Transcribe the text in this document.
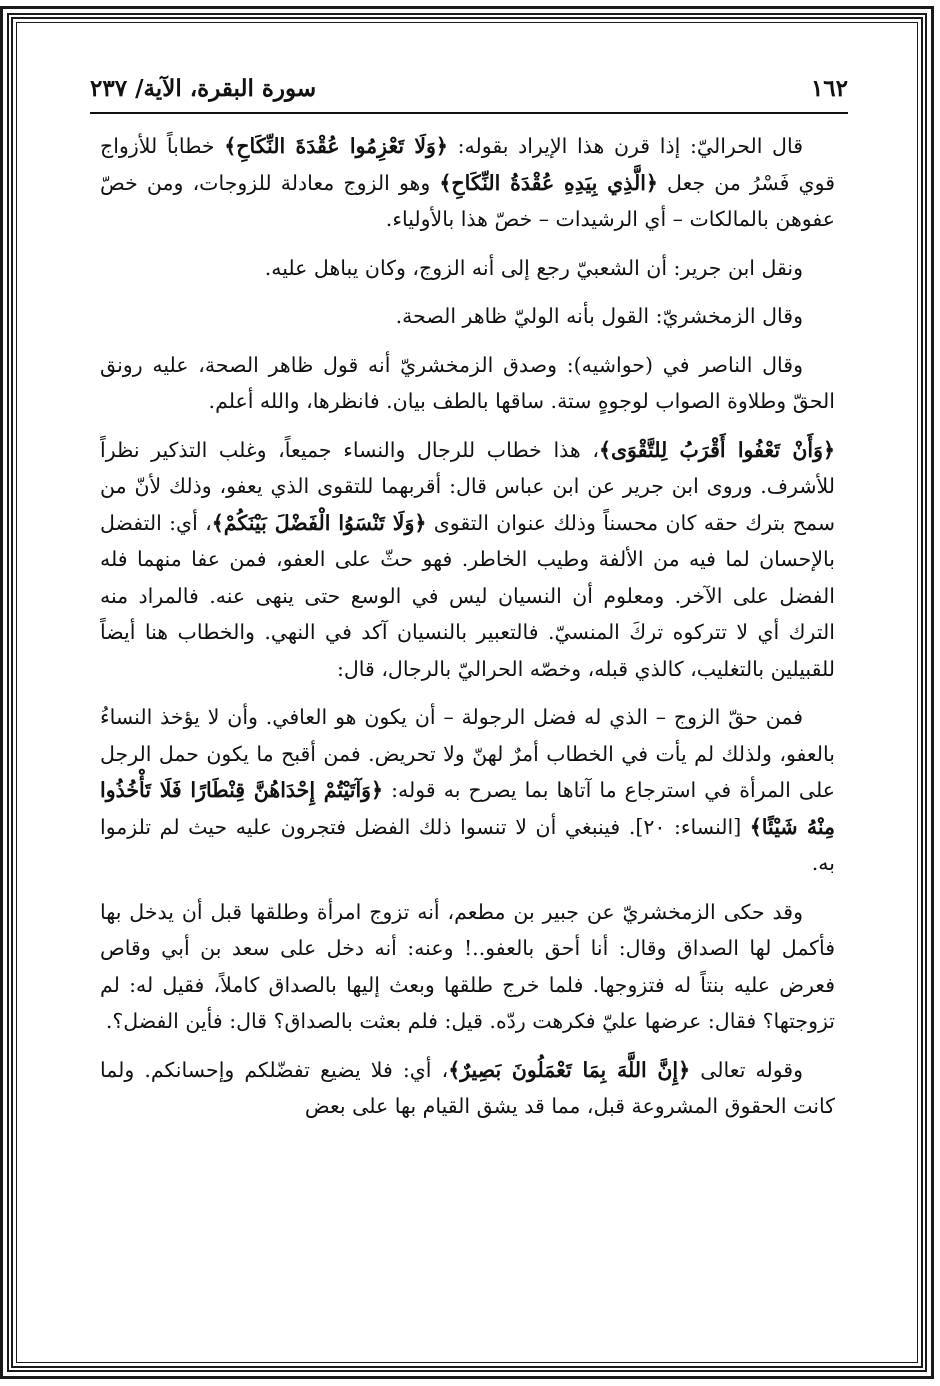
١٦٢
سورة البقرة، الآية/ ٢٣٧

قال الحراليّ: إذا قرن هذا الإيراد بقوله: ﴿وَلَا تَعْزِمُوا عُقْدَةَ النِّكَاحِ﴾ خطاباً للأزواج قوي فَسْرُ من جعل ﴿الَّذِي بِيَدِهِ عُقْدَةُ النِّكَاحِ﴾ وهو الزوج معادلة للزوجات، ومن خصّ عفوهن بالمالكات – أي الرشيدات – خصّ هذا بالأولياء.

ونقل ابن جرير: أن الشعبيّ رجع إلى أنه الزوج، وكان يباهل عليه.

وقال الزمخشريّ: القول بأنه الوليّ ظاهر الصحة.

وقال الناصر في (حواشيه): وصدق الزمخشريّ أنه قول ظاهر الصحة، عليه رونق الحقّ وطلاوة الصواب لوجوهٍ ستة. ساقها بالطف بيان. فانظرها، والله أعلم.

﴿وَأَنْ تَعْفُوا أَقْرَبُ لِلتَّقْوَى﴾، هذا خطاب للرجال والنساء جميعاً، وغلب التذكير نظراً للأشرف. وروى ابن جرير عن ابن عباس قال: أقربهما للتقوى الذي يعفو، وذلك لأنّ من سمح بترك حقه كان محسناً وذلك عنوان التقوى ﴿وَلَا تَنْسَوُا الْفَضْلَ بَيْنَكُمْ﴾، أي: التفضل بالإحسان لما فيه من الألفة وطيب الخاطر. فهو حثّ على العفو، فمن عفا منهما فله الفضل على الآخر. ومعلوم أن النسيان ليس في الوسع حتى ينهى عنه. فالمراد منه الترك أي لا تتركوه تركَ المنسيّ. فالتعبير بالنسيان آكد في النهي. والخطاب هنا أيضاً للقبيلين بالتغليب، كالذي قبله، وخصّه الحراليّ بالرجال، قال:

فمن حقّ الزوج – الذي له فضل الرجولة – أن يكون هو العافي. وأن لا يؤخذ النساءُ بالعفو، ولذلك لم يأت في الخطاب أمرٌ لهنّ ولا تحريض. فمن أقبح ما يكون حمل الرجل على المرأة في استرجاع ما آتاها بما يصرح به قوله: ﴿وَآتَيْتُمْ إِحْدَاهُنَّ قِنْطَارًا فَلَا تَأْخُذُوا مِنْهُ شَيْئًا﴾ [النساء: ٢٠]. فينبغي أن لا تنسوا ذلك الفضل فتجرون عليه حيث لم تلزموا به.

وقد حكى الزمخشريّ عن جبير بن مطعم، أنه تزوج امرأة وطلقها قبل أن يدخل بها فأكمل لها الصداق وقال: أنا أحق بالعفو..! وعنه: أنه دخل على سعد بن أبي وقاص فعرض عليه بنتاً له فتزوجها. فلما خرج طلقها وبعث إليها بالصداق كاملاً، فقيل له: لم تزوجتها؟ فقال: عرضها عليّ فكرهت ردّه. قيل: فلم بعثت بالصداق؟ قال: فأين الفضل؟.

وقوله تعالى ﴿إِنَّ اللَّهَ بِمَا تَعْمَلُونَ بَصِيرٌ﴾، أي: فلا يضيع تفضّلكم وإحسانكم. ولما كانت الحقوق المشروعة قبل، مما قد يشق القيام بها على بعض
